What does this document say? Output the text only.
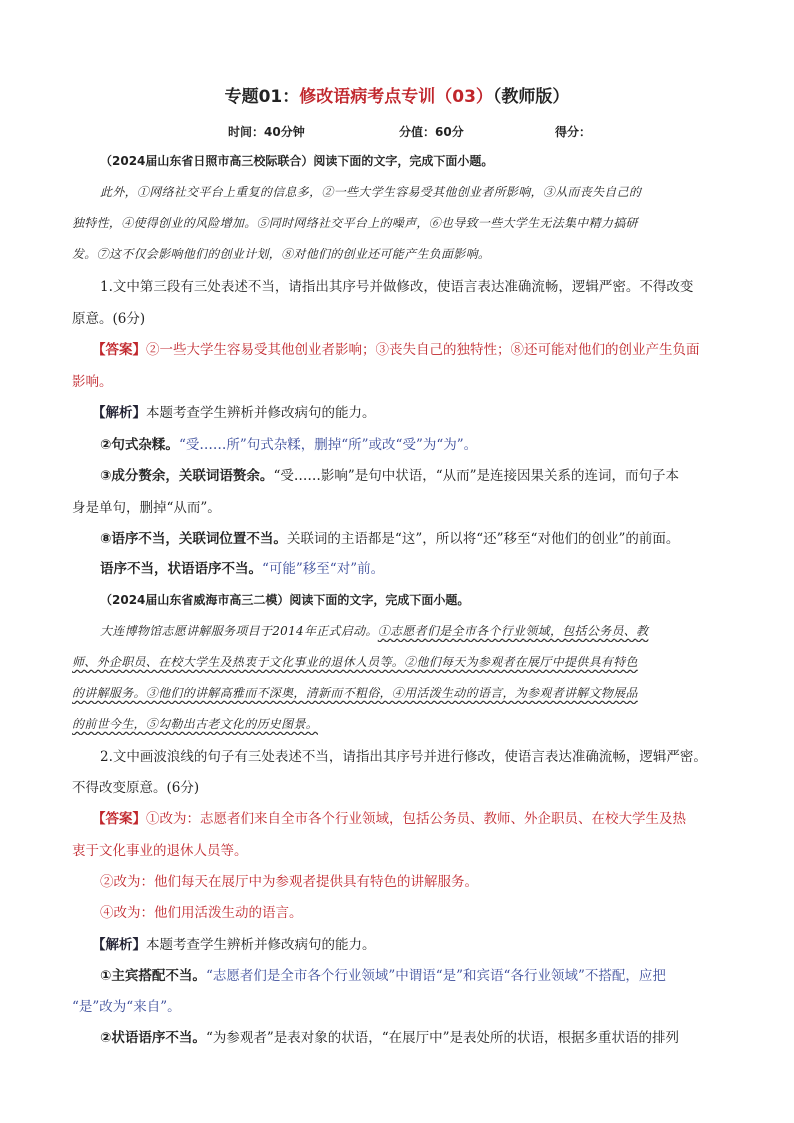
专题01：修改语病考点专训（03）（教师版）
时间：40分钟	分值：60分	得分：
（2024届山东省日照市高三校际联合）阅读下面的文字，完成下面小题。
此外，①网络社交平台上重复的信息多，②一些大学生容易受其他创业者所影响，③从而丧失自己的
独特性，④使得创业的风险增加。⑤同时网络社交平台上的噪声，⑥也导致一些大学生无法集中精力搞研
发。⑦这不仅会影响他们的创业计划，⑧对他们的创业还可能产生负面影响。
1.文中第三段有三处表述不当，请指出其序号并做修改，使语言表达准确流畅，逻辑严密。不得改变
原意。(6分)
【答案】②一些大学生容易受其他创业者影响；③丧失自己的独特性；⑧还可能对他们的创业产生负面
影响。
【解析】本题考查学生辨析并修改病句的能力。
②句式杂糅。“受……所”句式杂糅，删掉“所”或改“受”为“为”。
③成分赘余，关联词语赘余。“受……影响”是句中状语，“从而”是连接因果关系的连词，而句子本
身是单句，删掉“从而”。
⑧语序不当，关联词位置不当。关联词的主语都是“这”，所以将“还”移至“对他们的创业”的前面。
语序不当，状语语序不当。“可能”移至“对”前。
（2024届山东省威海市高三二模）阅读下面的文字，完成下面小题。
大连博物馆志愿讲解服务项目于2014年正式启动。①志愿者们是全市各个行业领域，包括公务员、教
师、外企职员、在校大学生及热衷于文化事业的退休人员等。②他们每天为参观者在展厅中提供具有特色
的讲解服务。③他们的讲解高雅而不深奥，清新而不粗俗，④用活泼生动的语言，为参观者讲解文物展品
的前世今生，⑤勾勒出古老文化的历史图景。
2.文中画波浪线的句子有三处表述不当，请指出其序号并进行修改，使语言表达准确流畅，逻辑严密。
不得改变原意。(6分)
【答案】①改为：志愿者们来自全市各个行业领域，包括公务员、教师、外企职员、在校大学生及热
衷于文化事业的退休人员等。
②改为：他们每天在展厅中为参观者提供具有特色的讲解服务。
④改为：他们用活泼生动的语言。
【解析】本题考查学生辨析并修改病句的能力。
①主宾搭配不当。“志愿者们是全市各个行业领域”中谓语“是”和宾语“各行业领域”不搭配，应把
“是”改为“来自”。
②状语语序不当。“为参观者”是表对象的状语，“在展厅中”是表处所的状语，根据多重状语的排列
